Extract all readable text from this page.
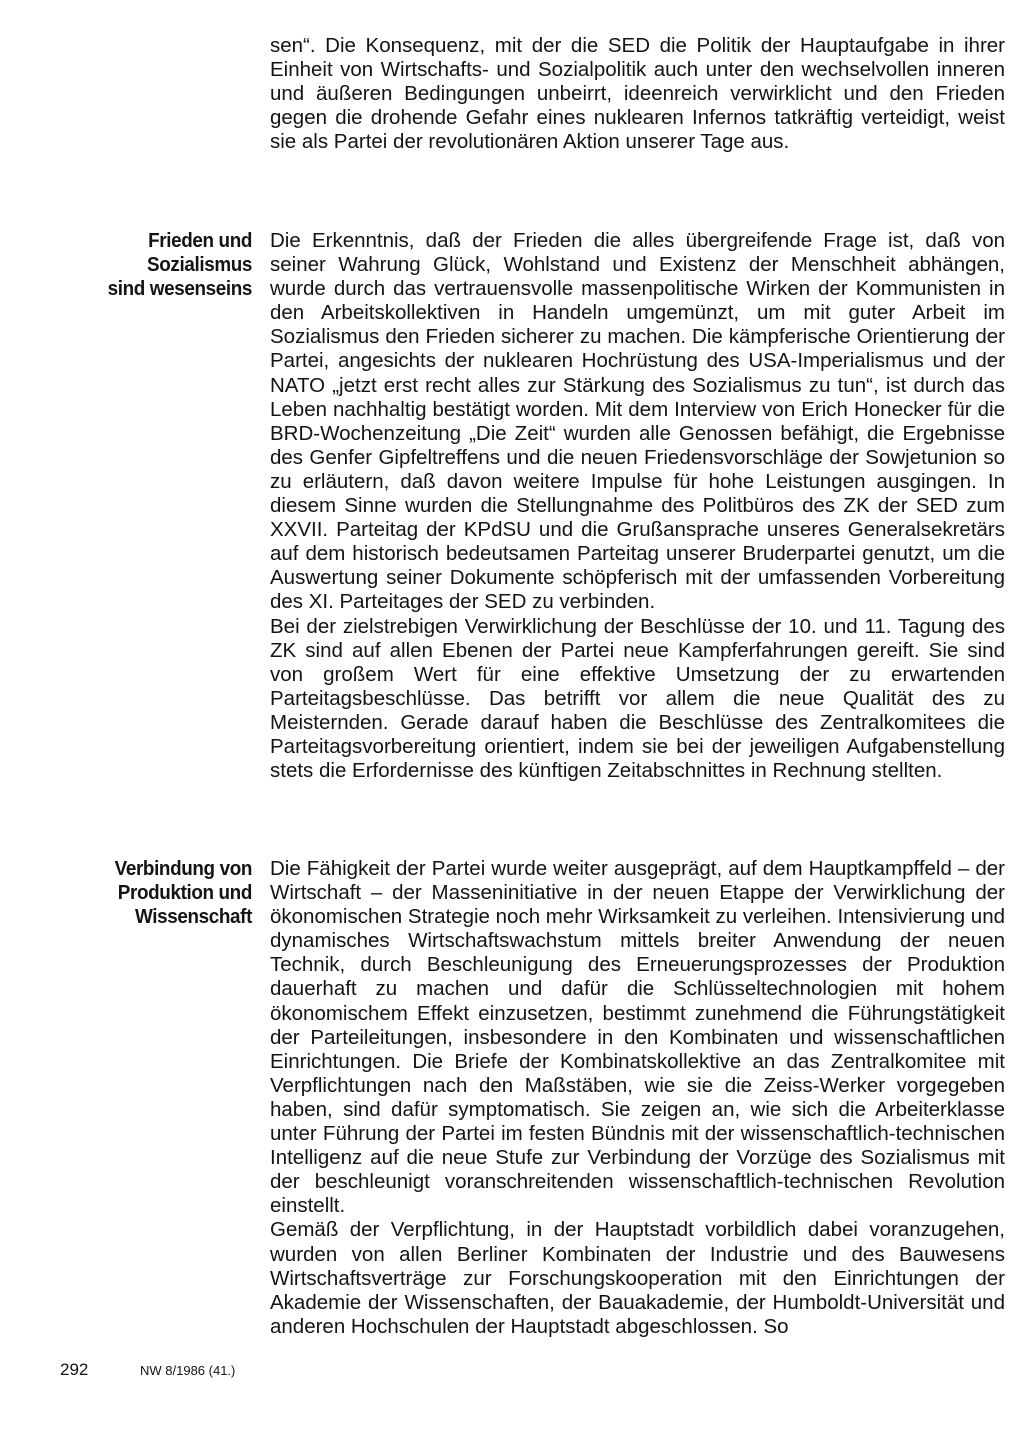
sen“. Die Konsequenz, mit der die SED die Politik der Hauptaufgabe in ihrer Einheit von Wirtschafts- und Sozialpolitik auch unter den wechselvollen inneren und äußeren Bedingungen unbeirrt, ideenreich verwirklicht und den Frieden gegen die drohende Gefahr eines nuklearen Infernos tatkräftig verteidigt, weist sie als Partei der revolutionären Aktion unserer Tage aus.

Frieden und
Sozialismus
sind wesenseins

Die Erkenntnis, daß der Frieden die alles übergreifende Frage ist, daß von seiner Wahrung Glück, Wohlstand und Existenz der Menschheit abhängen, wurde durch das vertrauensvolle massenpolitische Wirken der Kommunisten in den Arbeitskollektiven in Handeln umgemünzt, um mit guter Arbeit im Sozialismus den Frieden sicherer zu machen. Die kämpferische Orientierung der Partei, angesichts der nuklearen Hochrüstung des USA-Imperialismus und der NATO „jetzt erst recht alles zur Stärkung des Sozialismus zu tun“, ist durch das Leben nachhaltig bestätigt worden. Mit dem Interview von Erich Honecker für die BRD-Wochenzeitung „Die Zeit“ wurden alle Genossen befähigt, die Ergebnisse des Genfer Gipfeltreffens und die neuen Friedensvorschläge der Sowjetunion so zu erläutern, daß davon weitere Impulse für hohe Leistungen ausgingen. In diesem Sinne wurden die Stellungnahme des Politbüros des ZK der SED zum XXVII. Parteitag der KPdSU und die Grußansprache unseres Generalsekretärs auf dem historisch bedeutsamen Parteitag unserer Bruderpartei genutzt, um die Auswertung seiner Dokumente schöpferisch mit der umfassenden Vorbereitung des XI. Parteitages der SED zu verbinden.

Bei der zielstrebigen Verwirklichung der Beschlüsse der 10. und 11. Tagung des ZK sind auf allen Ebenen der Partei neue Kampferfahrungen gereift. Sie sind von großem Wert für eine effektive Umsetzung der zu erwartenden Parteitagsbeschlüsse. Das betrifft vor allem die neue Qualität des zu Meisternden. Gerade darauf haben die Beschlüsse des Zentralkomitees die Parteitagsvorbereitung orientiert, indem sie bei der jeweiligen Aufgabenstellung stets die Erfordernisse des künftigen Zeitabschnittes in Rechnung stellten.

Verbindung von
Produktion und
Wissenschaft

Die Fähigkeit der Partei wurde weiter ausgeprägt, auf dem Hauptkampffeld – der Wirtschaft – der Masseninitiative in der neuen Etappe der Verwirklichung der ökonomischen Strategie noch mehr Wirksamkeit zu verleihen. Intensivierung und dynamisches Wirtschaftswachstum mittels breiter Anwendung der neuen Technik, durch Beschleunigung des Erneuerungsprozesses der Produktion dauerhaft zu machen und dafür die Schlüsseltechnologien mit hohem ökonomischem Effekt einzusetzen, bestimmt zunehmend die Führungstätigkeit der Parteileitungen, insbesondere in den Kombinaten und wissenschaftlichen Einrichtungen. Die Briefe der Kombinatskollektive an das Zentralkomitee mit Verpflichtungen nach den Maßstäben, wie sie die Zeiss-Werker vorgegeben haben, sind dafür symptomatisch. Sie zeigen an, wie sich die Arbeiterklasse unter Führung der Partei im festen Bündnis mit der wissenschaftlich-technischen Intelligenz auf die neue Stufe zur Verbindung der Vorzüge des Sozialismus mit der beschleunigt voranschreitenden wissenschaftlich-technischen Revolution einstellt.

Gemäß der Verpflichtung, in der Hauptstadt vorbildlich dabei voranzugehen, wurden von allen Berliner Kombinaten der Industrie und des Bauwesens Wirtschaftsverträge zur Forschungskooperation mit den Einrichtungen der Akademie der Wissenschaften, der Bauakademie, der Humboldt-Universität und anderen Hochschulen der Hauptstadt abgeschlossen. So

292	NW 8/1986 (41.)
